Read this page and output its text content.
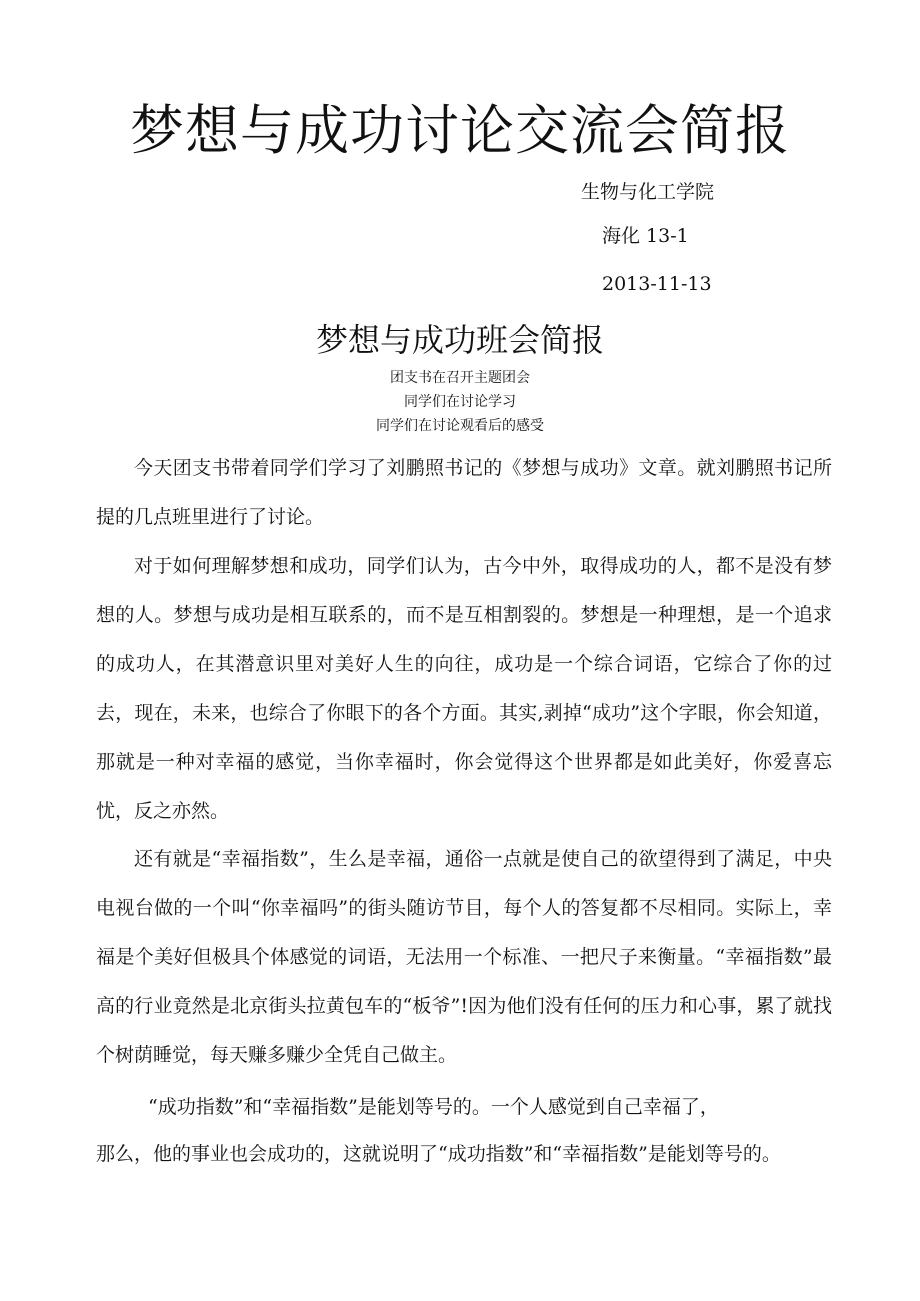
梦想与成功讨论交流会简报
生物与化工学院
海化 13-1
2013-11-13
梦想与成功班会简报
团支书在召开主题团会
同学们在讨论学习
同学们在讨论观看后的感受

今天团支书带着同学们学习了刘鹏照书记的《梦想与成功》文章。就刘鹏照书记所提的几点班里进行了讨论。

对于如何理解梦想和成功，同学们认为，古今中外，取得成功的人，都不是没有梦想的人。梦想与成功是相互联系的，而不是互相割裂的。梦想是一种理想，是一个追求的成功人，在其潜意识里对美好人生的向往，成功是一个综合词语，它综合了你的过去，现在，未来，也综合了你眼下的各个方面。其实,剥掉“成功”这个字眼，你会知道，那就是一种对幸福的感觉，当你幸福时，你会觉得这个世界都是如此美好，你爱喜忘忧，反之亦然。

还有就是“幸福指数”，生么是幸福，通俗一点就是使自己的欲望得到了满足，中央电视台做的一个叫“你幸福吗”的街头随访节目，每个人的答复都不尽相同。实际上，幸福是个美好但极具个体感觉的词语，无法用一个标准、一把尺子来衡量。“幸福指数”最高的行业竟然是北京街头拉黄包车的“板爷”!因为他们没有任何的压力和心事，累了就找个树荫睡觉，每天赚多赚少全凭自己做主。

“成功指数”和“幸福指数”是能划等号的。一个人感觉到自己幸福了，

那么，他的事业也会成功的，这就说明了“成功指数”和“幸福指数”是能划等号的。
